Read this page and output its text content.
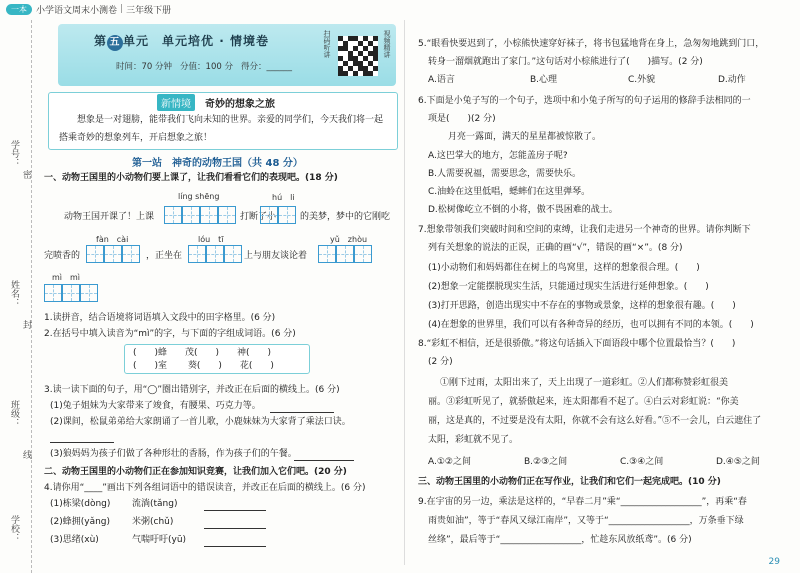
一本	小学语文周末小测卷 | 三年级下册
学号：
姓名：
封
班级：
线
学校：
密
第 五 单元　 单元培优 · 情境卷
时间：70 分钟 分值：100 分 得分：______
扫码听讲	视频精讲
新情境	奇妙的想象之旅
想象是一对翅膀，能带我们飞向未知的世界。亲爱的同学们，今天我们将一起搭乘奇妙的想象列车，开启想象之旅！
第一站　神奇的动物王国（共 48 分）
一、动物王国里的小动物们要上课了，让我们看看它们的表现吧。(18 分)
líng shēng	hú　li
动物王国开课了！上课	打断了小	的美梦，梦中的它刚吃
fàn　cài	lóu　tī	yǔ　zhòu
完喷香的	，正坐在	上与朋友谈论着
mì　mì
1.读拼音，结合语境将词语填入文段中的田字格里。(6 分)
2.在括号中填入读音为“mì”的字，与下面的字组成词语。(6 分)
(　　)蜂　　茂(　　)　　神(　　)
(　　)室　　 葵(　　)　　花(　　)
3.读一读下面的句子，用“◯”圈出错别字，并改正在后面的横线上。(6 分)
(1)兔子姐妹为大家带来了竣食，有腰果、巧克力等。
(2)课间，松鼠弟弟给大家朗诵了一首儿歌，小鹿妹妹为大家背了乘法口诀。
(3)狼妈妈为孩子们做了各种形壮的香肠，作为孩子们的午餐。
二、动物王国里的小动物们正在参加知识竞赛，让我们加入它们吧。(20 分)
4.请你用“____”画出下列各组词语中的错误读音，并改正在后面的横线上。(6 分)
(1)栋梁(dòng) 流淌(tǎng)
(2)蜂拥(yǎng) 米粥(chǔ)
(3)思绪(xù)	气喘吁吁(yū)
5.“眼看快要迟到了，小棕熊快速穿好袜子，将书包猛地背在身上，急匆匆地跳到门口，
转身一溜烟就跑出了家门。”这句话对小棕熊进行了(　　)描写。(2 分)
A.语言	B.心理	C.外貌	D.动作
6.下面是小兔子写的一个句子，选项中和小兔子所写的句子运用的修辞手法相同的一
项是(　　)(2 分)
月亮一露面，满天的星星都被惊散了。
A.这巴掌大的地方，怎能盖房子呢?
B.人需要祝福，需要思念，需要快乐。
C.油蛉在这里低唱，蟋蟀们在这里弹琴。
D.松树像屹立不倒的小将，傲不畏困难的战士。
7.想象带领我们突破时间和空间的束缚，让我们走进另一个神奇的世界。请你判断下
列有关想象的说法的正误，正确的画“√”，错误的画“×”。(8 分)
(1)小动物们和妈妈都住在树上的鸟窝里，这样的想象很合理。(　　)
(2)想象一定能摆脱现实生活，只能通过现实生活进行延伸想象。(　　)
(3)打开思路，创造出现实中不存在的事物或景象，这样的想象很有趣。(　　)
(4)在想象的世界里，我们可以有各种奇异的经历，也可以拥有不同的本领。(　　)
8.“彩虹不相信，还是很骄傲。”将这句话插入下面语段中哪个位置最恰当？(　　)
(2 分)
①刚下过雨，太阳出来了，天上出现了一道彩虹。②人们都称赞彩虹很美
丽。③彩虹听见了，就骄傲起来，连太阳都看不起了。④白云对彩虹说：“你美
丽，这是真的，不过要是没有太阳，你就不会有这么好看。”⑤不一会儿，白云遮住了
太阳，彩虹就不见了。
A.①②之间	B.②③之间	C.③④之间	D.④⑤之间
三、动物王国里的小动物们正在写作业，让我们和它们一起完成吧。(10 分)
9.在宇宙的另一边，乘法是这样的，“早春二月”乘“__________________”，再乘“春
雨贵如油”，等于“春风又绿江南岸”，又等于“__________________，万条垂下绿
丝绦”，最后等于“__________________，忙趁东风放纸鸢”。(6 分)
29
